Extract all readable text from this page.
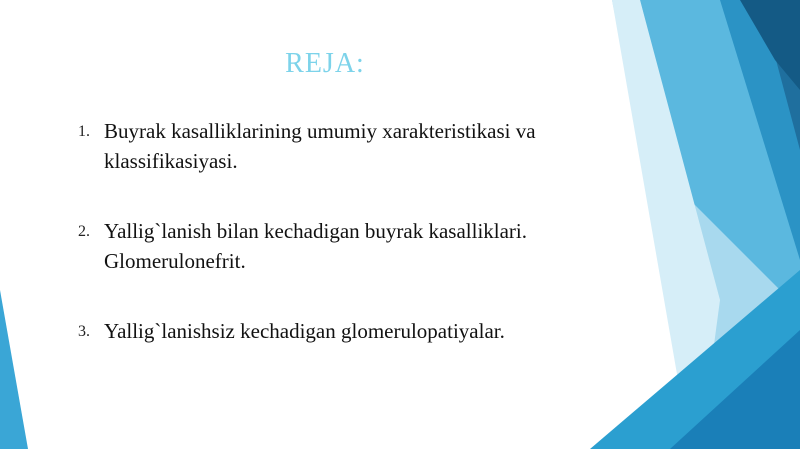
REJA:
1. Buyrak kasalliklarining umumiy xarakteristikasi va klassifikasiyasi.
2. Yallig`lanish bilan kechadigan buyrak kasalliklari. Glomerulonefrit.
3. Yallig`lanishsiz kechadigan glomerulopatiyalar.
